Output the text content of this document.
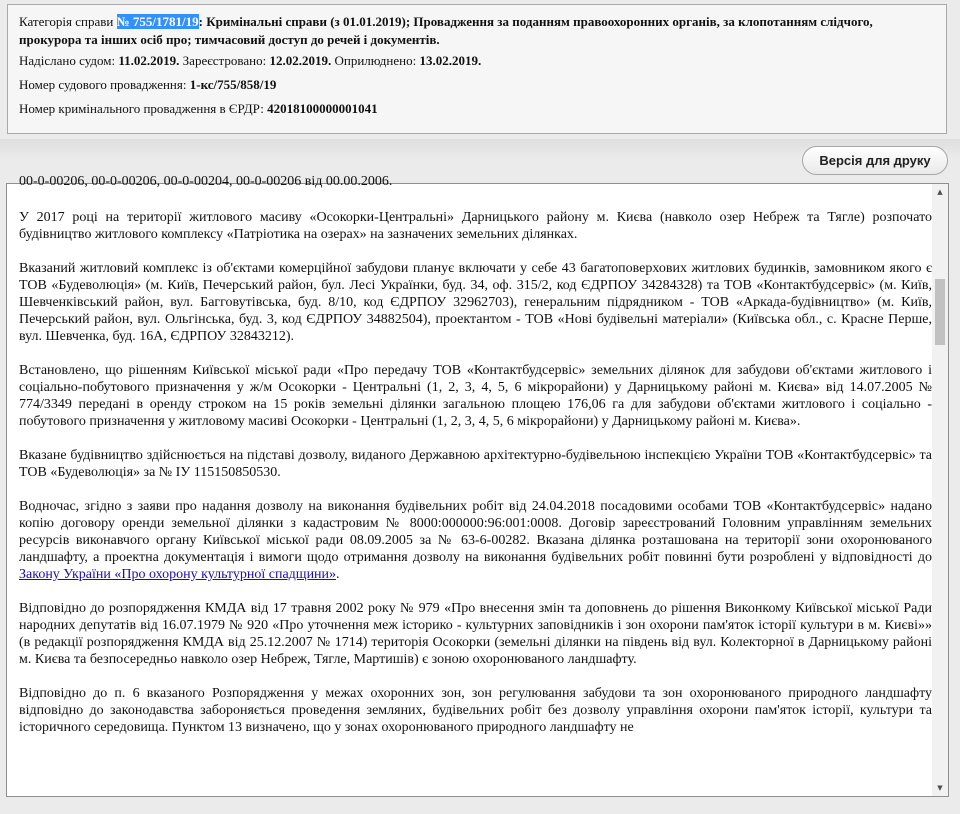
Категорія справи № 755/1781/19: Кримінальні справи (з 01.01.2019); Провадження за поданням правоохоронних органів, за клопотанням слідчого, прокурора та інших осіб про; тимчасовий доступ до речей і документів.
Надіслано судом: 11.02.2019. Зареєстровано: 12.02.2019. Оприлюднено: 13.02.2019.
Номер судового провадження: 1-кс/755/858/19
Номер кримінального провадження в ЄРДР: 42018100000001041
Версія для друку
00-0-00206, 00-0-00206, 00-0-00204, 00-0-00206 від 00.00.2006.

У 2017 році на території житлового масиву «Осокорки-Центральні» Дарницького району м. Києва (навколо озер Небреж та Тягле) розпочато будівництво житлового комплексу «Патріотика на озерах» на зазначених земельних ділянках.

Вказаний житловий комплекс із об'єктами комерційної забудови планує включати у себе 43 багатоповерхових житлових будинків, замовником якого є ТОВ «Будеволюція» (м. Київ, Печерський район, бул. Лесі Українки, буд. 34, оф. 315/2, код ЄДРПОУ 34284328) та ТОВ «Контактбудсервіс» (м. Київ, Шевченківський район, вул. Багговутівська, буд. 8/10, код ЄДРПОУ 32962703), генеральним підрядником - ТОВ «Аркада-будівництво» (м. Київ, Печерський район, вул. Ольгінська, буд. 3, код ЄДРПОУ 34882504), проектантом - ТОВ «Нові будівельні матеріали» (Київська обл., с. Красне Перше, вул. Шевченка, буд. 16А, ЄДРПОУ 32843212).

Встановлено, що рішенням Київської міської ради «Про передачу ТОВ «Контактбудсервіс» земельних ділянок для забудови об'єктами житлового і соціально-побутового призначення у ж/м Осокорки - Центральні (1, 2, 3, 4, 5, 6 мікрорайони) у Дарницькому районі м. Києва» від 14.07.2005 № 774/3349 передані в оренду строком на 15 років земельні ділянки загальною площею 176,06 га для забудови об'єктами житлового і соціально - побутового призначення у житловому масиві Осокорки - Центральні (1, 2, 3, 4, 5, 6 мікрорайони) у Дарницькому районі м. Києва».

Вказане будівництво здійснюється на підставі дозволу, виданого Державною архітектурно-будівельною інспекцією України ТОВ «Контактбудсервіс» та ТОВ «Будеволюція» за № ІУ 115150850530.

Водночас, згідно з заяви про надання дозволу на виконання будівельних робіт від 24.04.2018 посадовими особами ТОВ «Контактбудсервіс» надано копію договору оренди земельної ділянки з кадастровим № 8000:000000:96:001:0008. Договір зареєстрований Головним управлінням земельних ресурсів виконавчого органу Київської міської ради 08.09.2005 за № 63-6-00282. Вказана ділянка розташована на території зони охоронюваного ландшафту, а проектна документація і вимоги щодо отримання дозволу на виконання будівельних робіт повинні бути розроблені у відповідності до Закону України «Про охорону культурної спадщини».

Відповідно до розпорядження КМДА від 17 травня 2002 року № 979 «Про внесення змін та доповнень до рішення Виконкому Київської міської Ради народних депутатів від 16.07.1979 № 920 «Про уточнення меж історико - культурних заповідників і зон охорони пам'яток історії культури в м. Києві»» (в редакції розпорядження КМДА від 25.12.2007 № 1714) територія Осокорки (земельні ділянки на південь від вул. Колекторної в Дарницькому районі м. Києва та безпосередньо навколо озер Небреж, Тягле, Мартишів) є зоною охоронюваного ландшафту.

Відповідно до п. 6 вказаного Розпорядження у межах охоронних зон, зон регулювання забудови та зон охоронюваного природного ландшафту відповідно до законодавства забороняється проведення земляних, будівельних робіт без дозволу управління охорони пам'яток історії, культури та історичного середовища. Пунктом 13 визначено, що у зонах охоронюваного природного ландшафту не

▲
▼
